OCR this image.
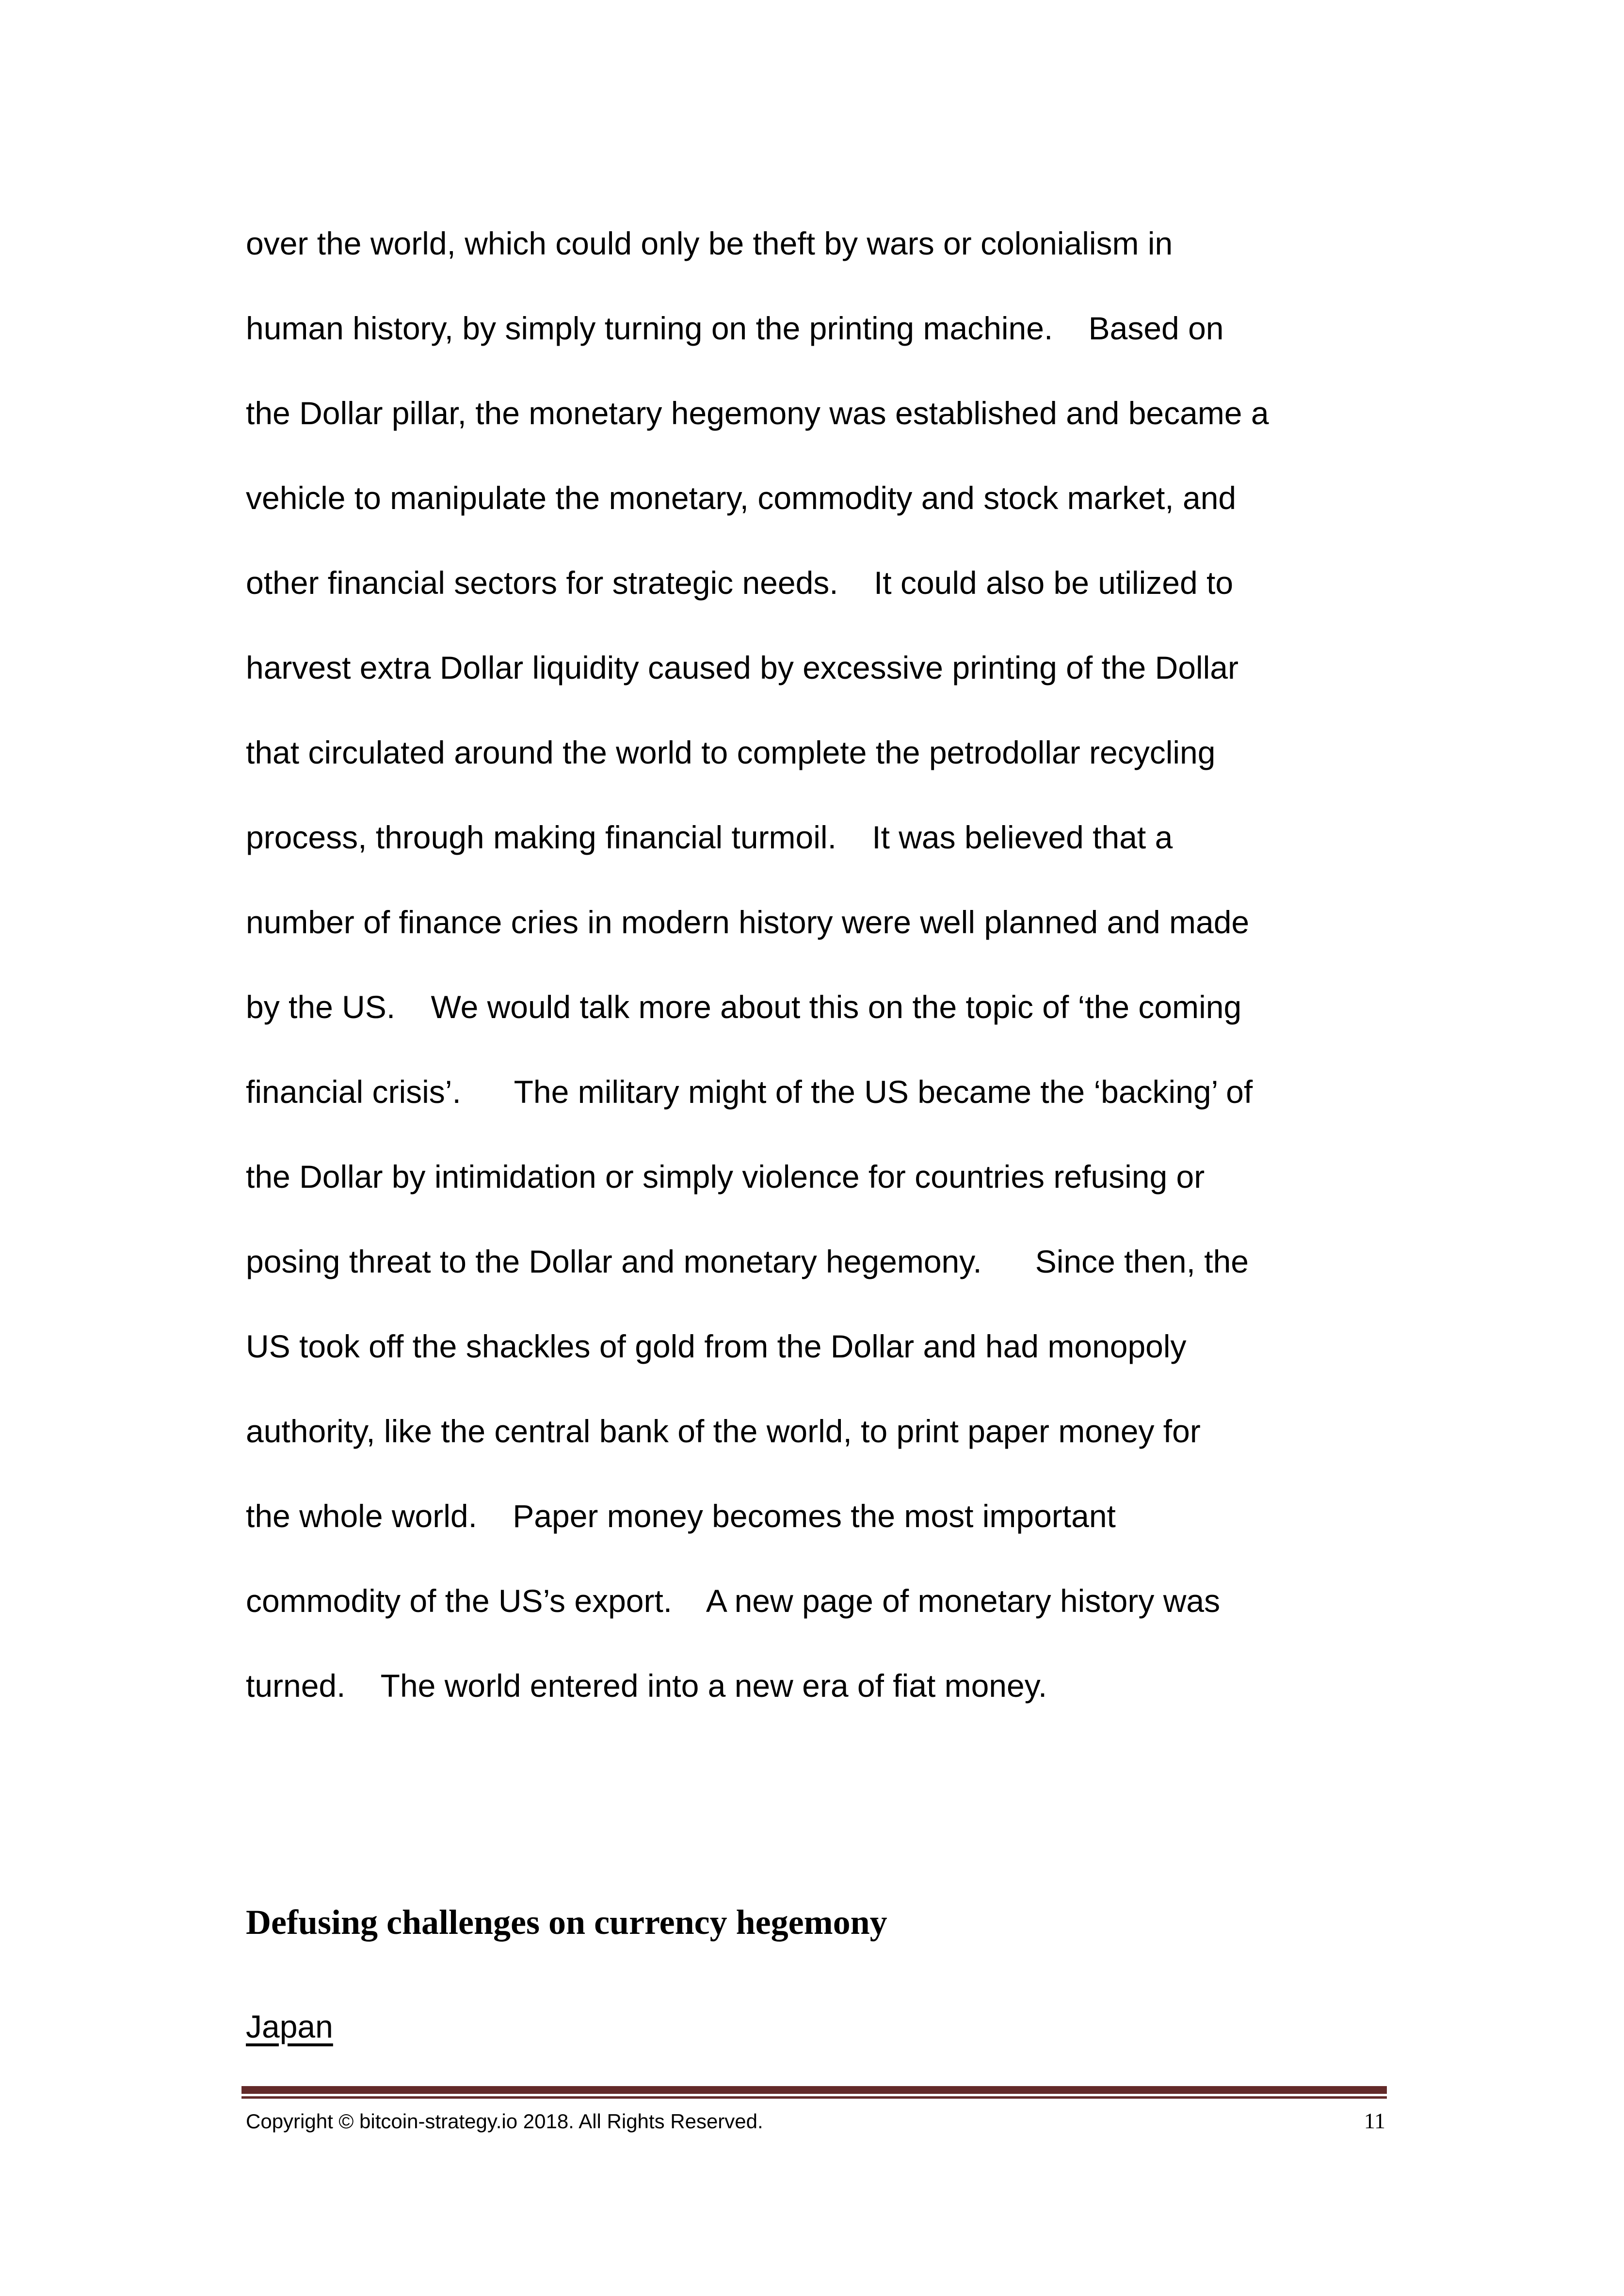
over the world, which could only be theft by wars or colonialism in
human history, by simply turning on the printing machine.    Based on
the Dollar pillar, the monetary hegemony was established and became a
vehicle to manipulate the monetary, commodity and stock market, and
other financial sectors for strategic needs.    It could also be utilized to
harvest extra Dollar liquidity caused by excessive printing of the Dollar
that circulated around the world to complete the petrodollar recycling
process, through making financial turmoil.    It was believed that a
number of finance cries in modern history were well planned and made
by the US.    We would talk more about this on the topic of ‘the coming
financial crisis’.      The military might of the US became the ‘backing’ of
the Dollar by intimidation or simply violence for countries refusing or
posing threat to the Dollar and monetary hegemony.      Since then, the
US took off the shackles of gold from the Dollar and had monopoly
authority, like the central bank of the world, to print paper money for
the whole world.    Paper money becomes the most important
commodity of the US’s export.    A new page of monetary history was
turned.    The world entered into a new era of fiat money.
Defusing challenges on currency hegemony
Japan
Copyright © bitcoin-strategy.io 2018. All Rights Reserved.	11
